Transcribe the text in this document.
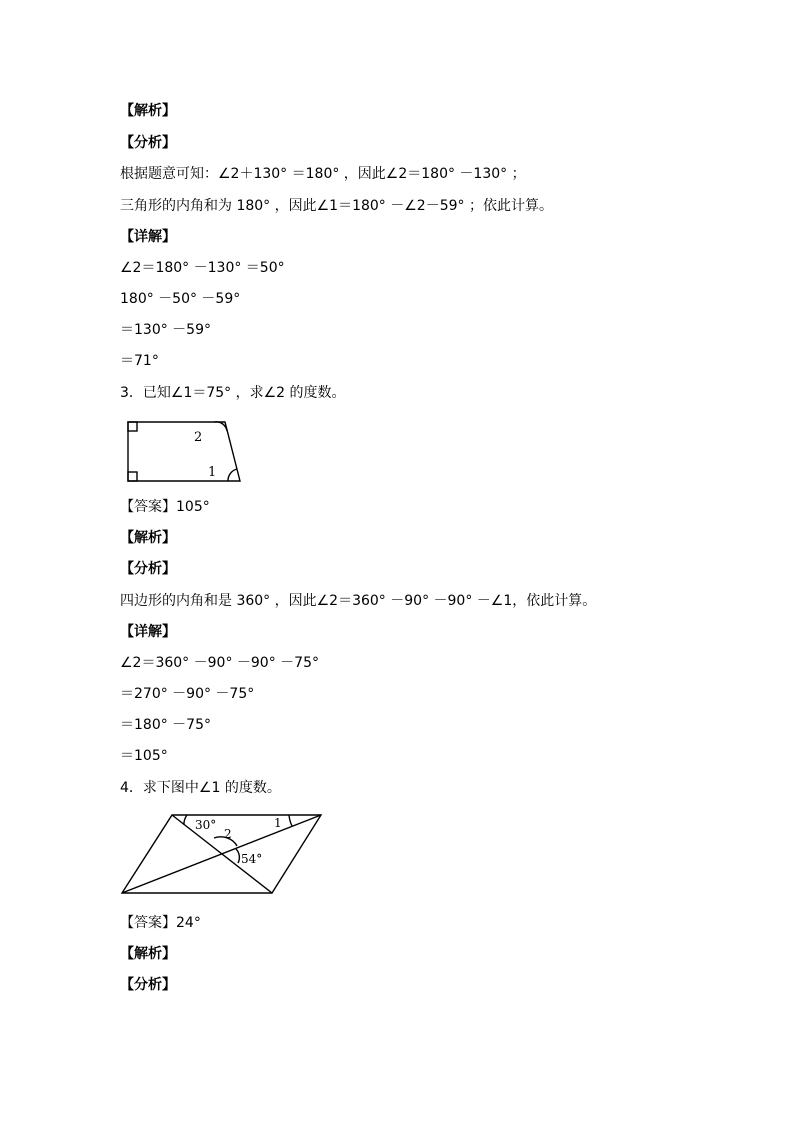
【解析】
【分析】
根据题意可知：∠2＋130° ＝180° ，因此∠2＝180° －130° ；
三角形的内角和为 180° ，因此∠1＝180° －∠2－59° ；依此计算。
【详解】
∠2＝180° －130° ＝50°
180° －50° －59°
＝130° －59°
＝71°
3．已知∠1＝75° ，求∠2 的度数。
2
1
【答案】105°
【解析】
【分析】
四边形的内角和是 360° ，因此∠2＝360° －90° －90° －∠1，依此计算。
【详解】
∠2＝360° －90° －90° －75°
＝270° －90° －75°
＝180° －75°
＝105°
4．求下图中∠1 的度数。
30°	1
2
54°
【答案】24°
【解析】
【分析】
